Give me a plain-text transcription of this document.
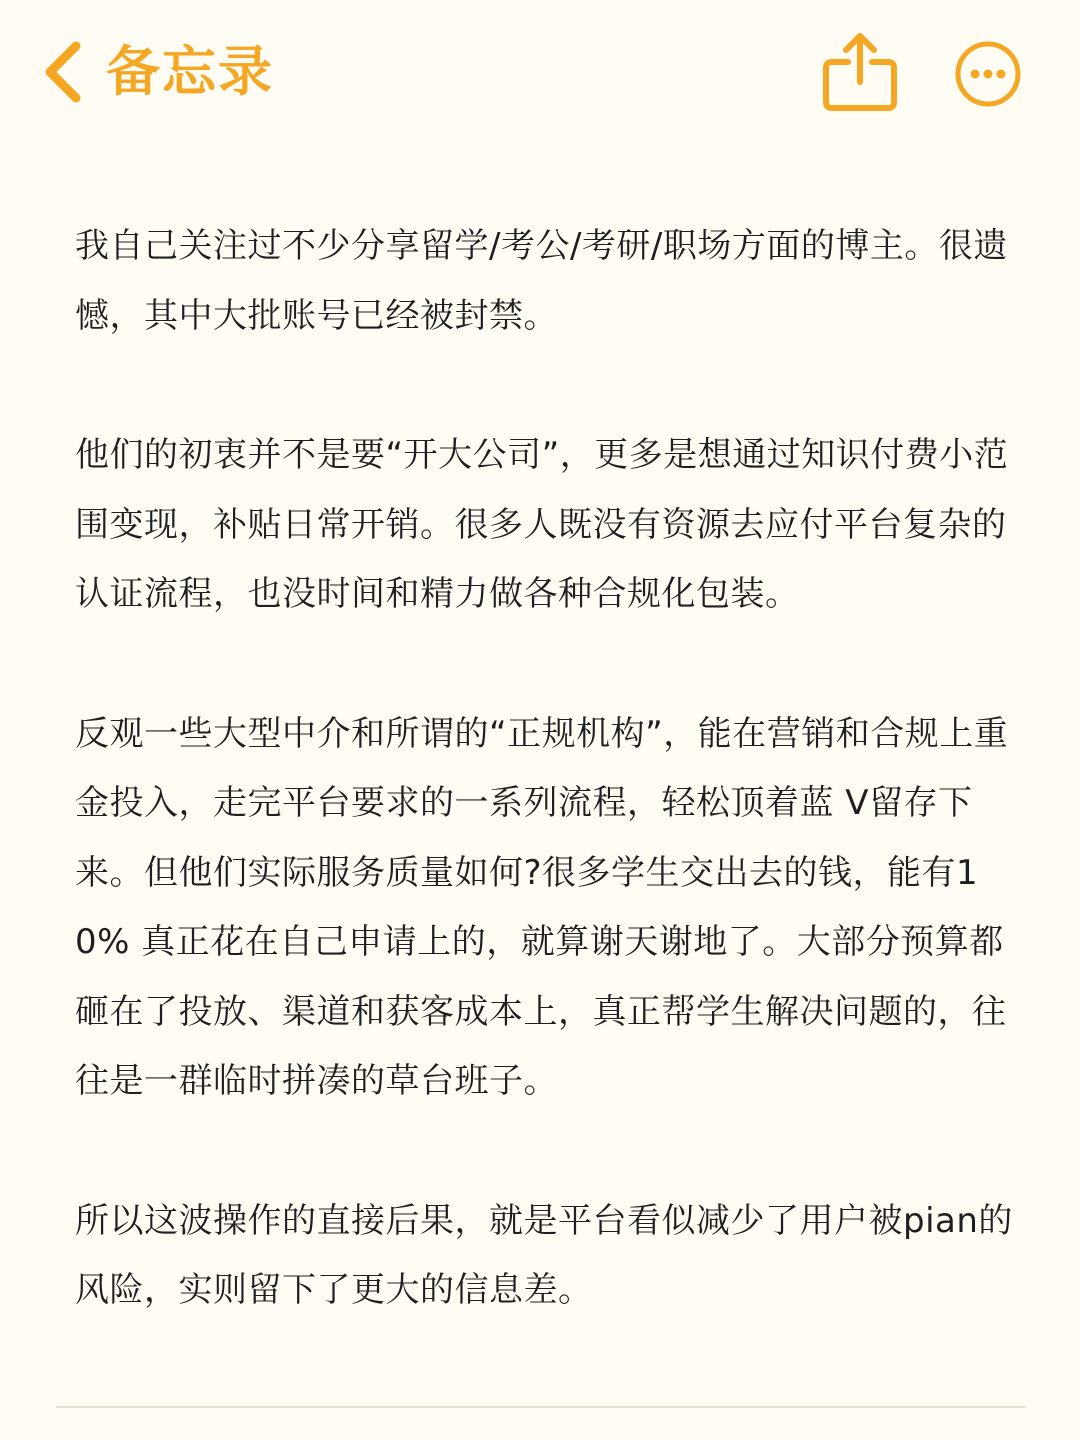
备忘录

我自己关注过不少分享留学/考公/考研/职场方面的博主。很遗憾，其中大批账号已经被封禁。

他们的初衷并不是要“开大公司”，更多是想通过知识付费小范围变现，补贴日常开销。很多人既没有资源去应付平台复杂的认证流程，也没时间和精力做各种合规化包装。

反观一些大型中介和所谓的“正规机构”，能在营销和合规上重金投入，走完平台要求的一系列流程，轻松顶着蓝 V留存下来。但他们实际服务质量如何?很多学生交出去的钱，能有10% 真正花在自己申请上的，就算谢天谢地了。大部分预算都砸在了投放、渠道和获客成本上，真正帮学生解决问题的，往往是一群临时拼凑的草台班子。

所以这波操作的直接后果，就是平台看似减少了用户被pian的风险，实则留下了更大的信息差。
